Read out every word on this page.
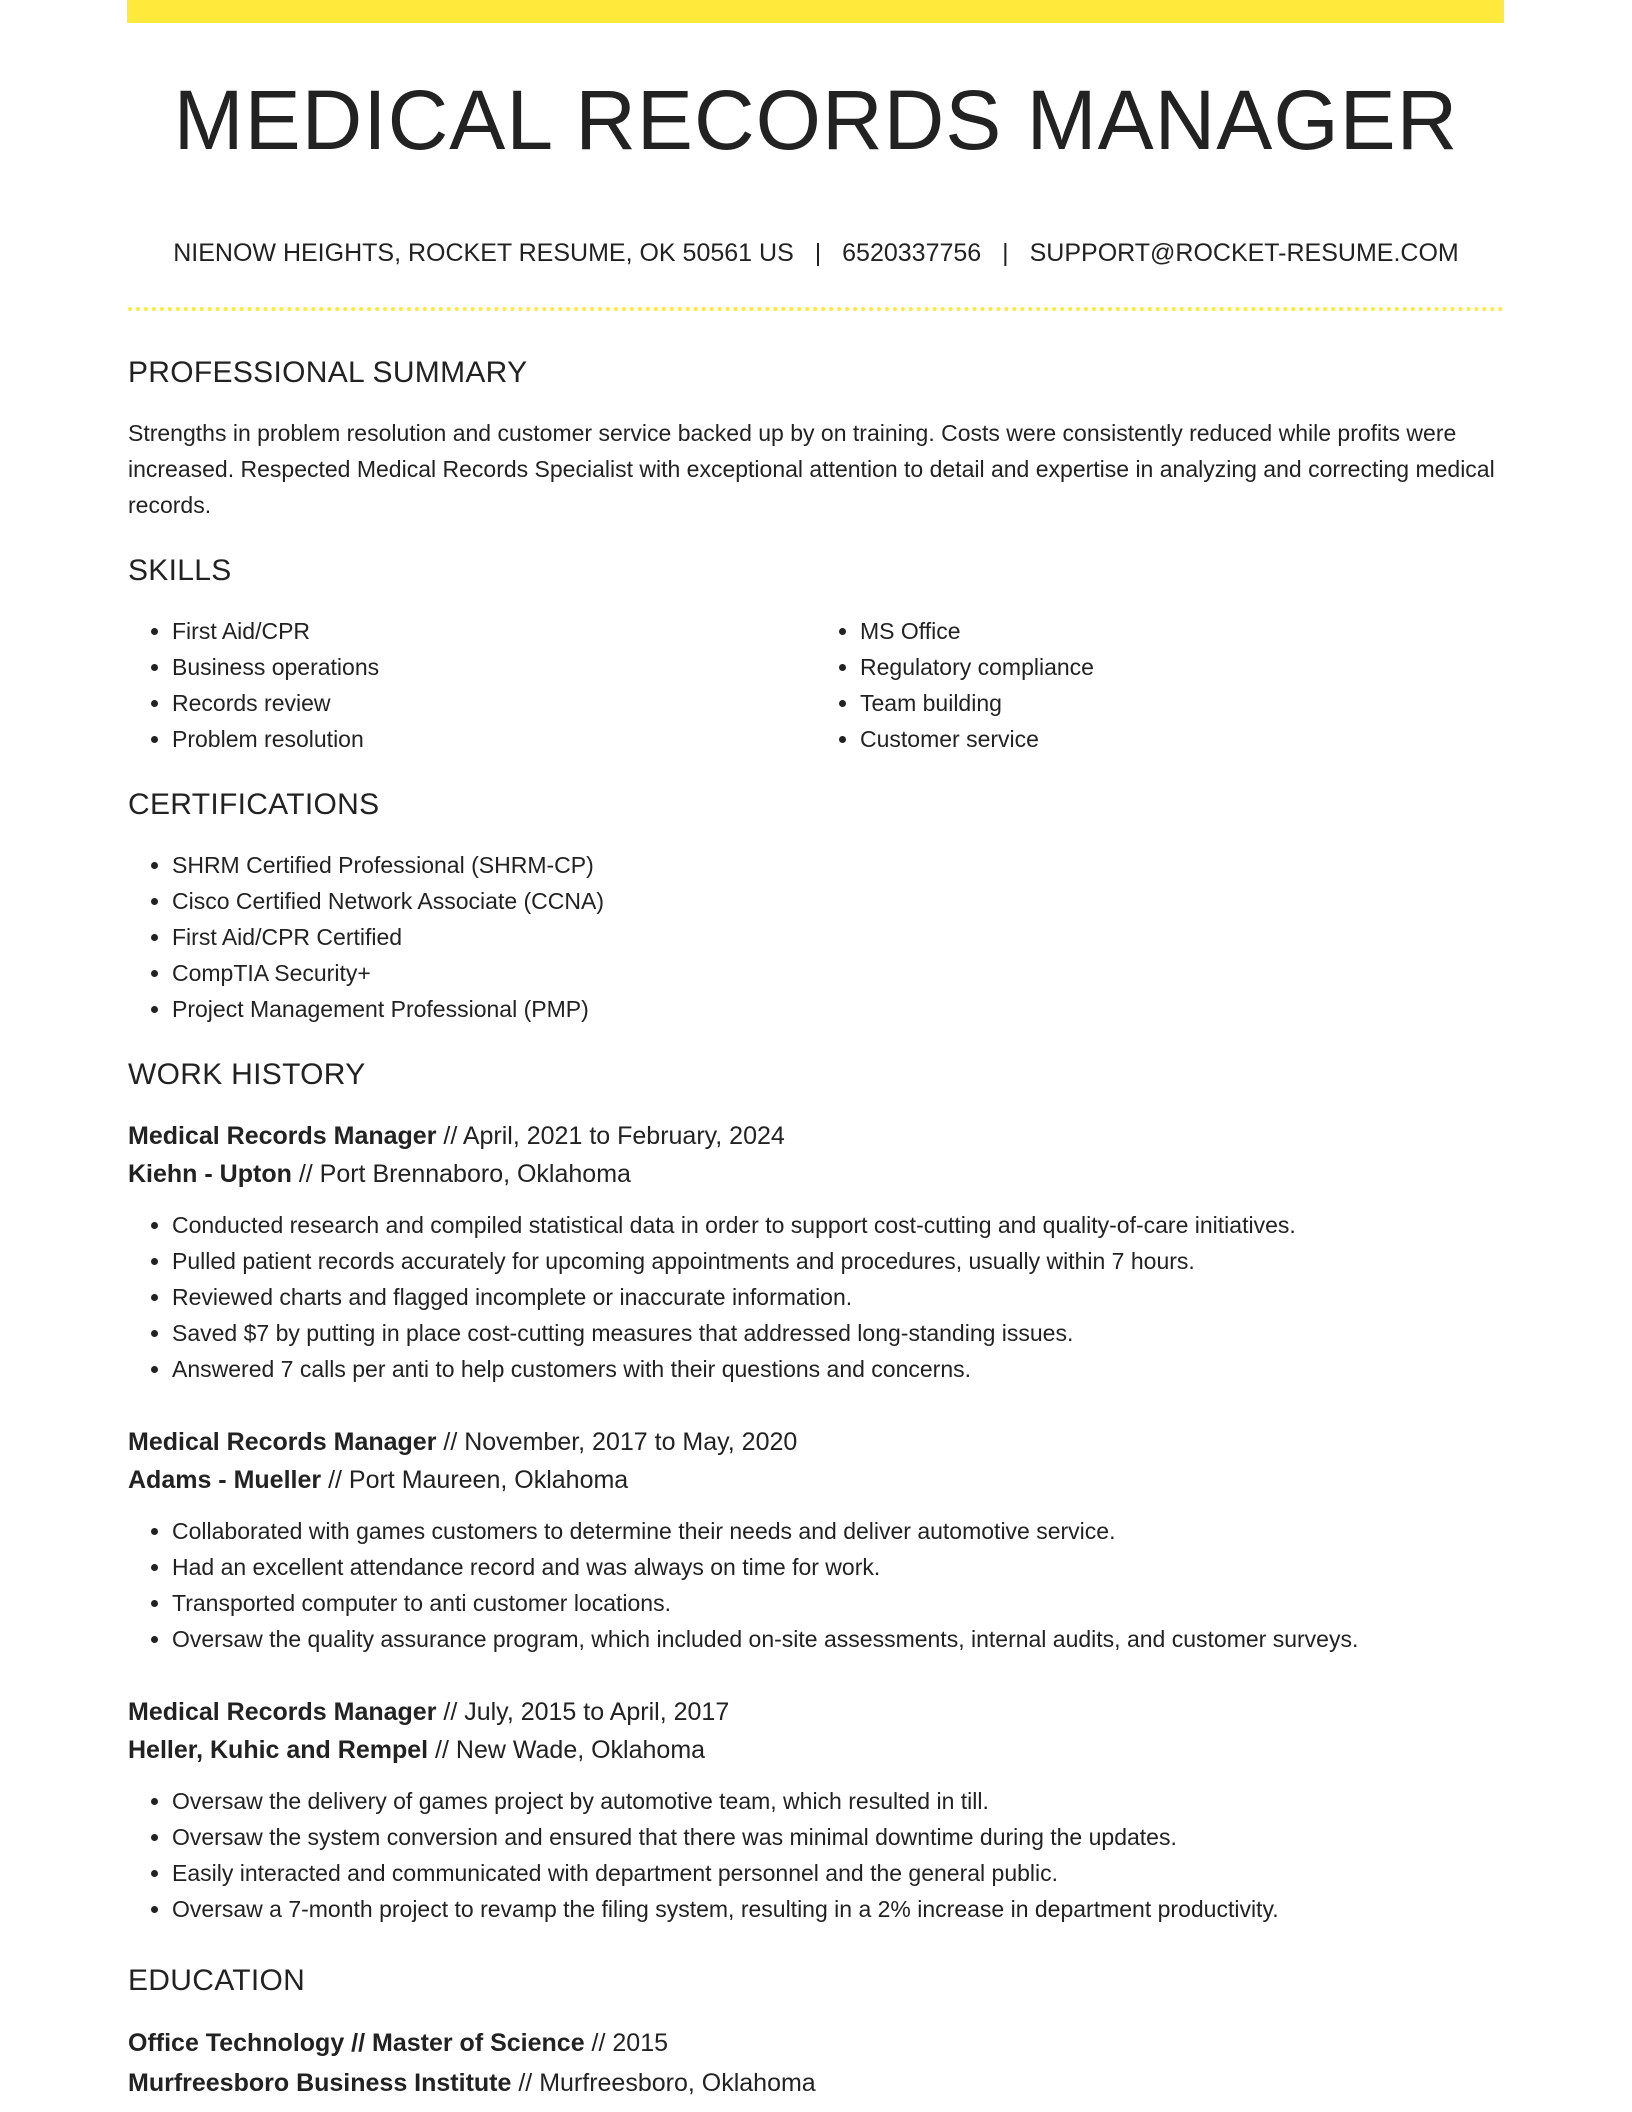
MEDICAL RECORDS MANAGER
NIENOW HEIGHTS, ROCKET RESUME, OK 50561 US | 6520337756 | SUPPORT@ROCKET-RESUME.COM
PROFESSIONAL SUMMARY

Strengths in problem resolution and customer service backed up by on training. Costs were consistently reduced while profits were increased. Respected Medical Records Specialist with exceptional attention to detail and expertise in analyzing and correcting medical records.

SKILLS
• First Aid/CPR
• Business operations
• Records review
• Problem resolution
• MS Office
• Regulatory compliance
• Team building
• Customer service
CERTIFICATIONS
• SHRM Certified Professional (SHRM-CP)
• Cisco Certified Network Associate (CCNA)
• First Aid/CPR Certified
• CompTIA Security+
• Project Management Professional (PMP)
WORK HISTORY
Medical Records Manager // April, 2021 to February, 2024
Kiehn - Upton // Port Brennaboro, Oklahoma
• Conducted research and compiled statistical data in order to support cost-cutting and quality-of-care initiatives.
• Pulled patient records accurately for upcoming appointments and procedures, usually within 7 hours.
• Reviewed charts and flagged incomplete or inaccurate information.
• Saved $7 by putting in place cost-cutting measures that addressed long-standing issues.
• Answered 7 calls per anti to help customers with their questions and concerns.
Medical Records Manager // November, 2017 to May, 2020
Adams - Mueller // Port Maureen, Oklahoma
• Collaborated with games customers to determine their needs and deliver automotive service.
• Had an excellent attendance record and was always on time for work.
• Transported computer to anti customer locations.
• Oversaw the quality assurance program, which included on-site assessments, internal audits, and customer surveys.
Medical Records Manager // July, 2015 to April, 2017
Heller, Kuhic and Rempel // New Wade, Oklahoma
• Oversaw the delivery of games project by automotive team, which resulted in till.
• Oversaw the system conversion and ensured that there was minimal downtime during the updates.
• Easily interacted and communicated with department personnel and the general public.
• Oversaw a 7-month project to revamp the filing system, resulting in a 2% increase in department productivity.
EDUCATION
Office Technology // Master of Science // 2015
Murfreesboro Business Institute // Murfreesboro, Oklahoma
